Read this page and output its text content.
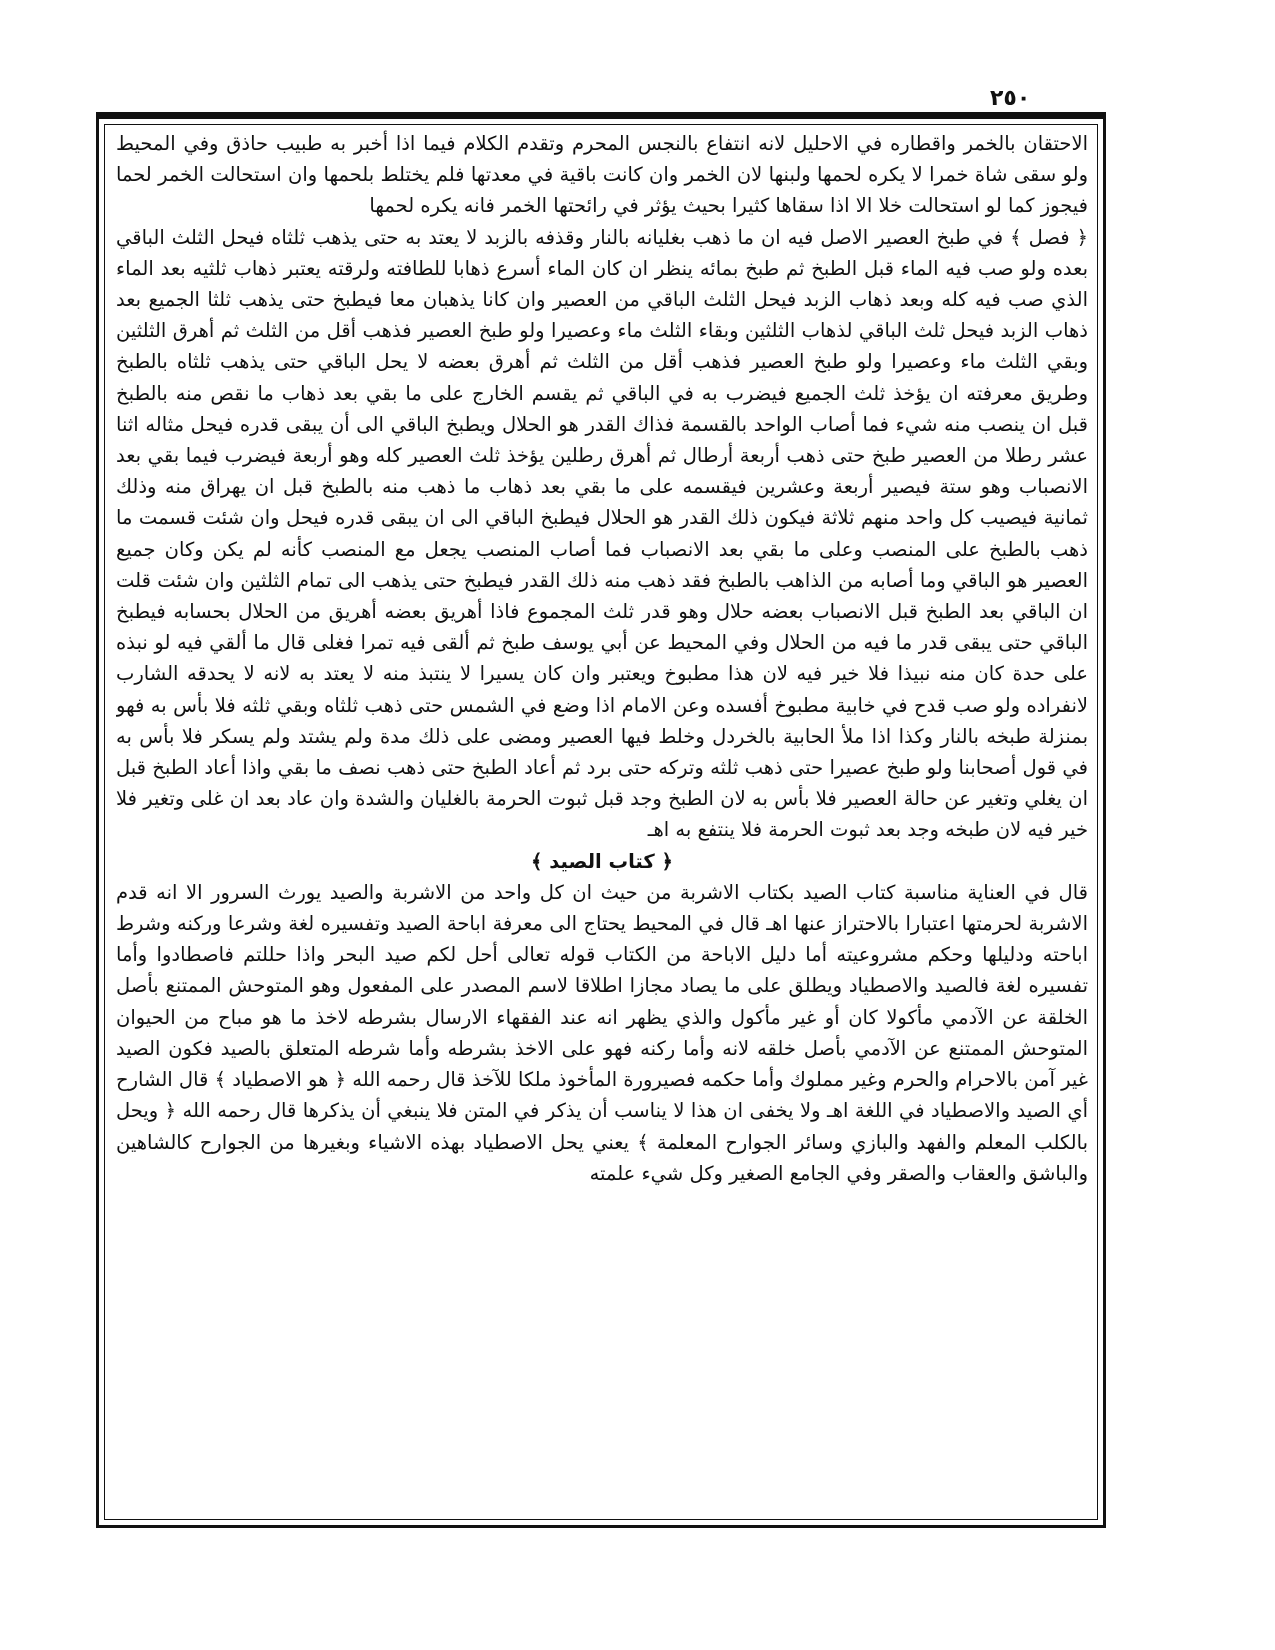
٢٥٠

الاحتقان بالخمر واقطاره في الاحليل لانه انتفاع بالنجس المحرم وتقدم الكلام فيما اذا أخبر به طبيب حاذق وفي المحيط ولو سقى شاة خمرا لا يكره لحمها ولبنها لان الخمر وان كانت باقية في معدتها فلم يختلط بلحمها وان استحالت الخمر لحما فيجوز كما لو استحالت خلا الا اذا سقاها كثيرا بحيث يؤثر في رائحتها الخمر فانه يكره لحمها

﴿ فصل ﴾ في طبخ العصير الاصل فيه ان ما ذهب بغليانه بالنار وقذفه بالزبد لا يعتد به حتى يذهب ثلثاه فيحل الثلث الباقي بعده ولو صب فيه الماء قبل الطبخ ثم طبخ بمائه ينظر ان كان الماء أسرع ذهابا للطافته ولرقته يعتبر ذهاب ثلثيه بعد الماء الذي صب فيه كله وبعد ذهاب الزبد فيحل الثلث الباقي من العصير وان كانا يذهبان معا فيطبخ حتى يذهب ثلثا الجميع بعد ذهاب الزبد فيحل ثلث الباقي لذهاب الثلثين وبقاء الثلث ماء وعصيرا ولو طبخ العصير فذهب أقل من الثلث ثم أهرق الثلثين وبقي الثلث ماء وعصيرا ولو طبخ العصير فذهب أقل من الثلث ثم أهرق بعضه لا يحل الباقي حتى يذهب ثلثاه بالطبخ وطريق معرفته ان يؤخذ ثلث الجميع فيضرب به في الباقي ثم يقسم الخارج على ما بقي بعد ذهاب ما نقص منه بالطبخ قبل ان ينصب منه شيء فما أصاب الواحد بالقسمة فذاك القدر هو الحلال ويطبخ الباقي الى أن يبقى قدره فيحل مثاله اثنا عشر رطلا من العصير طبخ حتى ذهب أربعة أرطال ثم أهرق رطلين يؤخذ ثلث العصير كله وهو أربعة فيضرب فيما بقي بعد الانصباب وهو ستة فيصير أربعة وعشرين فيقسمه على ما بقي بعد ذهاب ما ذهب منه بالطبخ قبل ان يهراق منه وذلك ثمانية فيصيب كل واحد منهم ثلاثة فيكون ذلك القدر هو الحلال فيطبخ الباقي الى ان يبقى قدره فيحل وان شئت قسمت ما ذهب بالطبخ على المنصب وعلى ما بقي بعد الانصباب فما أصاب المنصب يجعل مع المنصب كأنه لم يكن وكان جميع العصير هو الباقي وما أصابه من الذاهب بالطبخ فقد ذهب منه ذلك القدر فيطبخ حتى يذهب الى تمام الثلثين وان شئت قلت ان الباقي بعد الطبخ قبل الانصباب بعضه حلال وهو قدر ثلث المجموع فاذا أهريق بعضه أهريق من الحلال بحسابه فيطبخ الباقي حتى يبقى قدر ما فيه من الحلال وفي المحيط عن أبي يوسف طبخ ثم ألقى فيه تمرا فغلى قال ما ألقي فيه لو نبذه على حدة كان منه نبيذا فلا خير فيه لان هذا مطبوخ ويعتبر وان كان يسيرا لا ينتبذ منه لا يعتد به لانه لا يحدقه الشارب لانفراده ولو صب قدح في خابية مطبوخ أفسده وعن الامام اذا وضع في الشمس حتى ذهب ثلثاه وبقي ثلثه فلا بأس به فهو بمنزلة طبخه بالنار وكذا اذا ملأ الحابية بالخردل وخلط فيها العصير ومضى على ذلك مدة ولم يشتد ولم يسكر فلا بأس به في قول أصحابنا ولو طبخ عصيرا حتى ذهب ثلثه وتركه حتى برد ثم أعاد الطبخ حتى ذهب نصف ما بقي واذا أعاد الطبخ قبل ان يغلي وتغير عن حالة العصير فلا بأس به لان الطبخ وجد قبل ثبوت الحرمة بالغليان والشدة وان عاد بعد ان غلى وتغير فلا خير فيه لان طبخه وجد بعد ثبوت الحرمة فلا ينتفع به اهـ

﴿ كتاب الصيد ﴾

قال في العناية مناسبة كتاب الصيد بكتاب الاشربة من حيث ان كل واحد من الاشربة والصيد يورث السرور الا انه قدم الاشربة لحرمتها اعتبارا بالاحتراز عنها اهـ قال في المحيط يحتاج الى معرفة اباحة الصيد وتفسيره لغة وشرعا وركنه وشرط اباحته ودليلها وحكم مشروعيته أما دليل الاباحة من الكتاب قوله تعالى أحل لكم صيد البحر واذا حللتم فاصطادوا وأما تفسيره لغة فالصيد والاصطياد ويطلق على ما يصاد مجازا اطلاقا لاسم المصدر على المفعول وهو المتوحش الممتنع بأصل الخلقة عن الآدمي مأكولا كان أو غير مأكول والذي يظهر انه عند الفقهاء الارسال بشرطه لاخذ ما هو مباح من الحيوان المتوحش الممتنع عن الآدمي بأصل خلقه لانه وأما ركنه فهو على الاخذ بشرطه وأما شرطه المتعلق بالصيد فكون الصيد غير آمن بالاحرام والحرم وغير مملوك وأما حكمه فصيرورة المأخوذ ملكا للآخذ قال رحمه الله ﴿ هو الاصطياد ﴾ قال الشارح أي الصيد والاصطياد في اللغة اهـ ولا يخفى ان هذا لا يناسب أن يذكر في المتن فلا ينبغي أن يذكرها قال رحمه الله ﴿ ويحل بالكلب المعلم والفهد والبازي وسائر الجوارح المعلمة ﴾ يعني يحل الاصطياد بهذه الاشياء وبغيرها من الجوارح كالشاهين والباشق والعقاب والصقر وفي الجامع الصغير وكل شيء علمته
